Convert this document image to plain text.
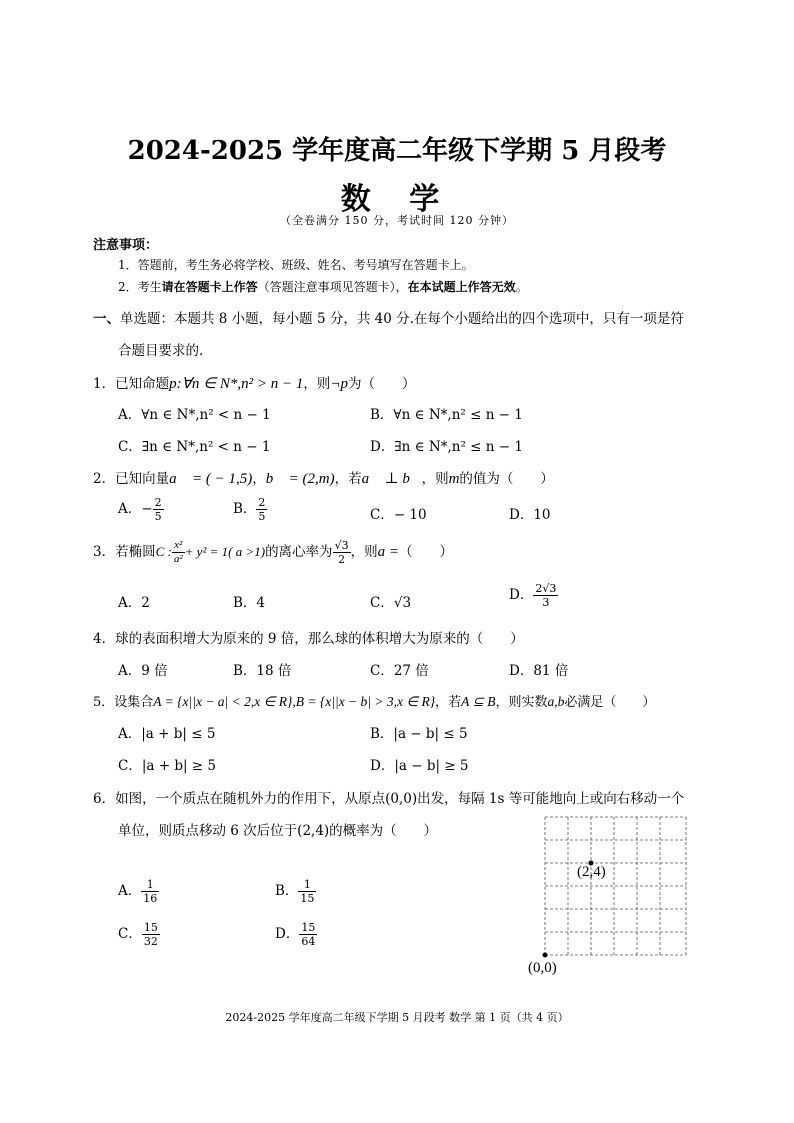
2024-2025 学年度高二年级下学期 5 月段考
数 学
（全卷满分 150 分，考试时间 120 分钟）
注意事项：
1．答题前，考生务必将学校、班级、姓名、考号填写在答题卡上。
2．考生请在答题卡上作答（答题注意事项见答题卡），在本试题上作答无效。
一、单选题：本题共 8 小题，每小题 5 分，共 40 分.在每个小题给出的四个选项中，只有一项是符
合题目要求的.
1．已知命题p:∀n ∈ N*,n² > n − 1，则¬p为（　　）
A．∀n ∈ N*,n² < n − 1	B．∀n ∈ N*,n² ≤ n − 1
C．∃n ∈ N*,n² < n − 1	D．∃n ∈ N*,n² ≤ n − 1
2．已知向量a⃗ = ( − 1,5)，b⃗ = (2,m)，若a⃗ ⊥ b⃗，则m的值为（　　）
A．− $\frac{2}{5}$	B． $\frac{2}{5}$	C．− 10	D．10
3．若椭圆C : $\frac{\text{x²}}{\text{a²}} + y^2 = 1$( a >1)的离心率为 $\frac{√3}{2}$ ，则a =（　　）
A．2	B．4	C．√3	D． $\frac{2√3}{3}$
4．球的表面积增大为原来的 9 倍，那么球的体积增大为原来的（　　）
A．9 倍	B．18 倍	C．27 倍	D．81 倍
5．设集合A = {x||x − a| < 2,x ∈ R},B = {x||x − b| > 3,x ∈ R}，若A ⊆ B，则实数a,b必满足（　　）
A．|a + b| ≤ 5	B．|a − b| ≤ 5
C．|a + b| ≥ 5	D．|a − b| ≥ 5
6．如图，一个质点在随机外力的作用下，从原点(0,0)出发，每隔 1s 等可能地向上或向右移动一个
单位，则质点移动 6 次后位于(2,4)的概率为（　　）
A． $\frac{1}{16}$	B． $\frac{1}{15}$
C． $\frac{15}{32}$	D． $\frac{15}{64}$
(2,4)
(0,0)
2024-2025 学年度高二年级下学期 5 月段考 数学 第 1 页（共 4 页）
